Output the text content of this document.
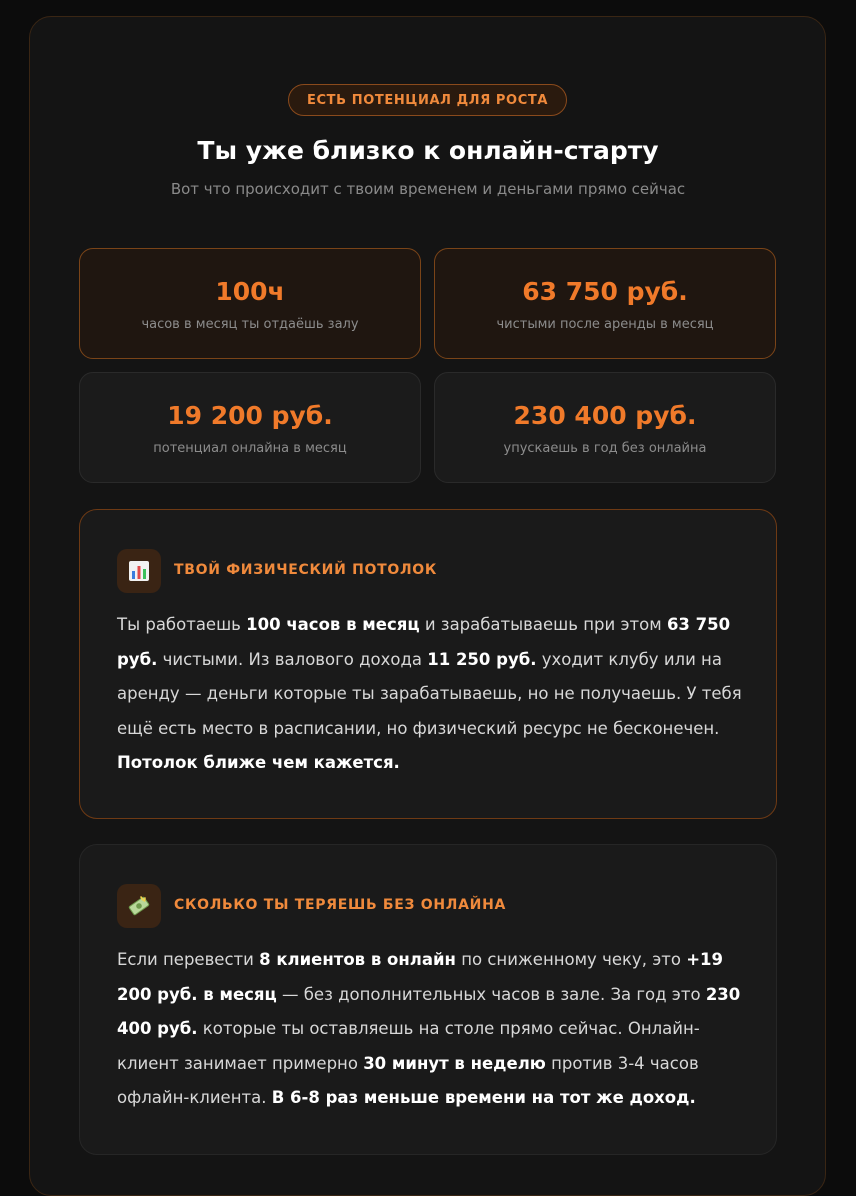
ЕСТЬ ПОТЕНЦИАЛ ДЛЯ РОСТА
Ты уже близко к онлайн-старту
Вот что происходит с твоим временем и деньгами прямо сейчас
100ч
часов в месяц ты отдаёшь залу
63 750 руб.
чистыми после аренды в месяц
19 200 руб.
потенциал онлайна в месяц
230 400 руб.
упускаешь в год без онлайна
ТВОЙ ФИЗИЧЕСКИЙ ПОТОЛОК
Ты работаешь 100 часов в месяц и зарабатываешь при этом 63 750 руб. чистыми. Из валового дохода 11 250 руб. уходит клубу или на аренду — деньги которые ты зарабатываешь, но не получаешь. У тебя ещё есть место в расписании, но физический ресурс не бесконечен. Потолок ближе чем кажется.
СКОЛЬКО ТЫ ТЕРЯЕШЬ БЕЗ ОНЛАЙНА
Если перевести 8 клиентов в онлайн по сниженному чеку, это +19 200 руб. в месяц — без дополнительных часов в зале. За год это 230 400 руб. которые ты оставляешь на столе прямо сейчас. Онлайн-клиент занимает примерно 30 минут в неделю против 3-4 часов офлайн-клиента. В 6-8 раз меньше времени на тот же доход.
